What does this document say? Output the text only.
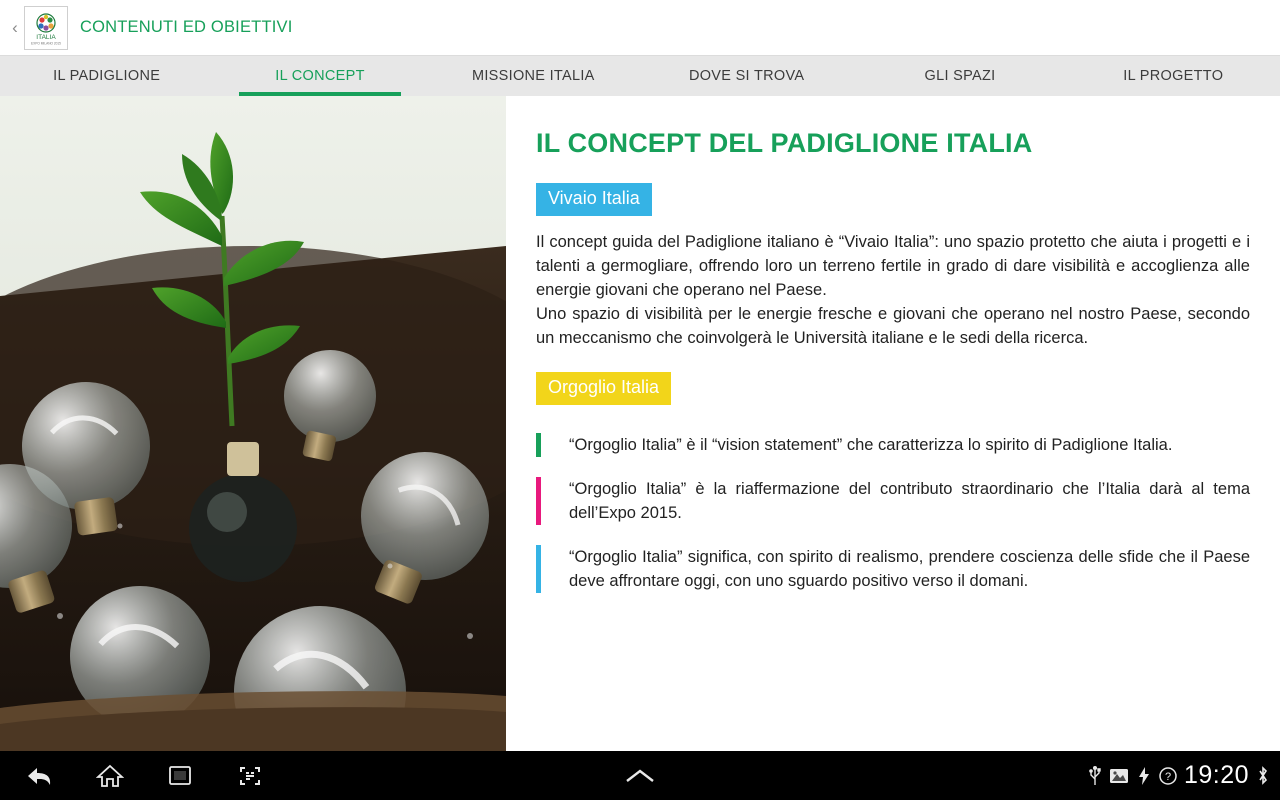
‹	ITALIA
EXPO MILANO 2015
CONTENUTI ED OBIETTIVI
IL PADIGLIONE	IL CONCEPT	MISSIONE ITALIA	DOVE SI TROVA	GLI SPAZI	IL PROGETTO
IL CONCEPT DEL PADIGLIONE ITALIA
Vivaio Italia

Il concept guida del Padiglione italiano è “Vivaio Italia”: uno spazio protetto che aiuta i progetti e i talenti a germogliare, offrendo loro un terreno fertile in grado di dare visibilità e accoglienza alle energie giovani che operano nel Paese.

Uno spazio di visibilità per le energie fresche e giovani che operano nel nostro Paese, secondo un meccanismo che coinvolgerà le Università italiane e le sedi della ricerca.

Orgoglio Italia
“Orgoglio Italia” è il “vision statement” che caratterizza lo spirito di Padiglione Italia.
“Orgoglio Italia” è la riaffermazione del contributo straordinario che l’Italia darà al tema dell’Expo 2015.
“Orgoglio Italia” significa, con spirito di realismo, prendere coscienza delle sfide che il Paese deve affrontare oggi, con uno sguardo positivo verso il domani.
? 19:20
